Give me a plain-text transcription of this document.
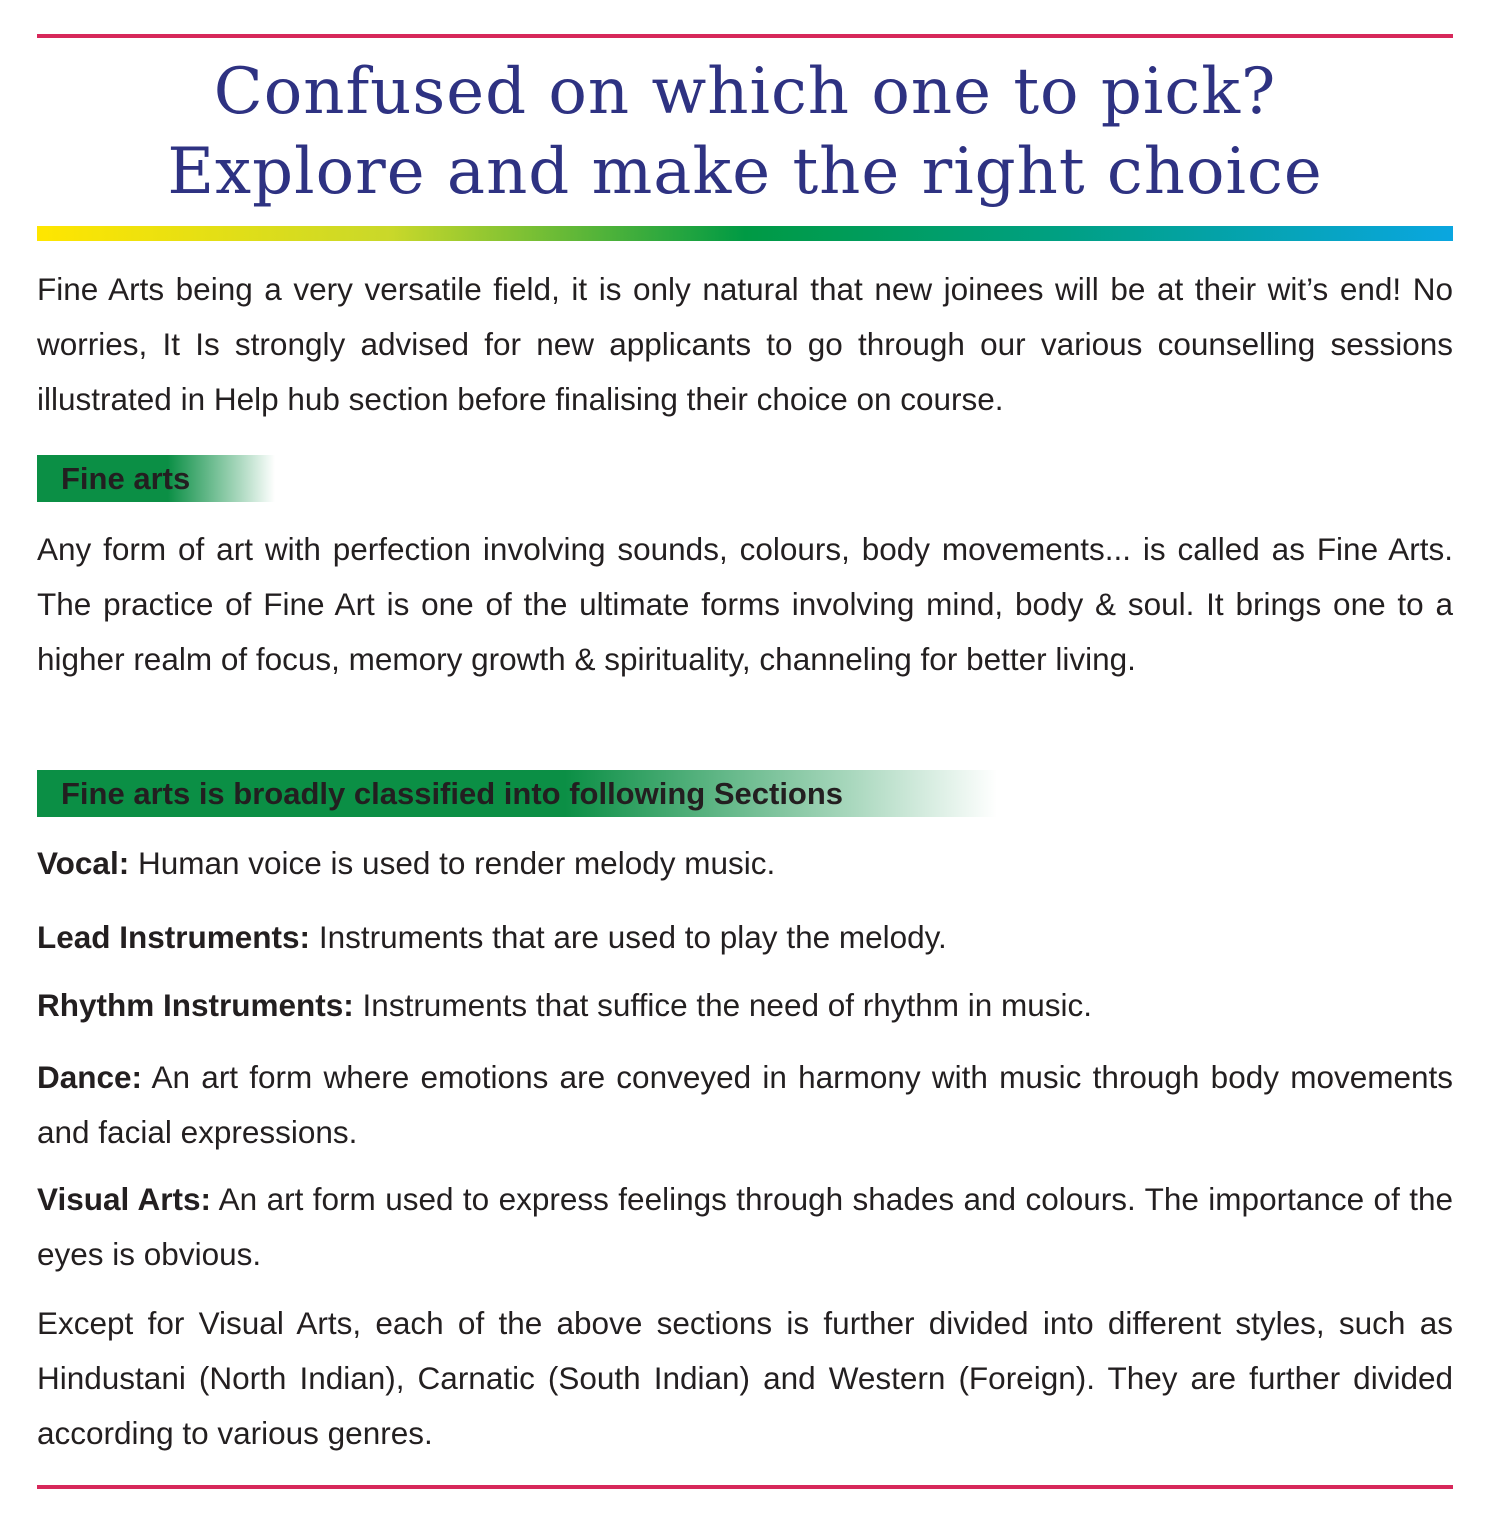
Confused on which one to pick?
Explore and make the right choice

Fine Arts being a very versatile field, it is only natural that new joinees will be at their wit’s end! No worries, It Is strongly advised for new applicants to go through our various counselling sessions illustrated in Help hub section before finalising their choice on course.

Fine arts

Any form of art with perfection involving sounds, colours, body movements... is called as Fine Arts. The practice of Fine Art is one of the ultimate forms involving mind, body & soul. It brings one to a higher realm of focus, memory growth & spirituality, channeling for better living.

Fine arts is broadly classified into following Sections

Vocal: Human voice is used to render melody music.

Lead Instruments: Instruments that are used to play the melody.

Rhythm Instruments: Instruments that suffice the need of rhythm in music.

Dance: An art form where emotions are conveyed in harmony with music through body movements and facial expressions.

Visual Arts: An art form used to express feelings through shades and colours. The importance of the eyes is obvious.

Except for Visual Arts, each of the above sections is further divided into different styles, such as Hindustani (North Indian), Carnatic (South Indian) and Western (Foreign). They are further divided according to various genres.
